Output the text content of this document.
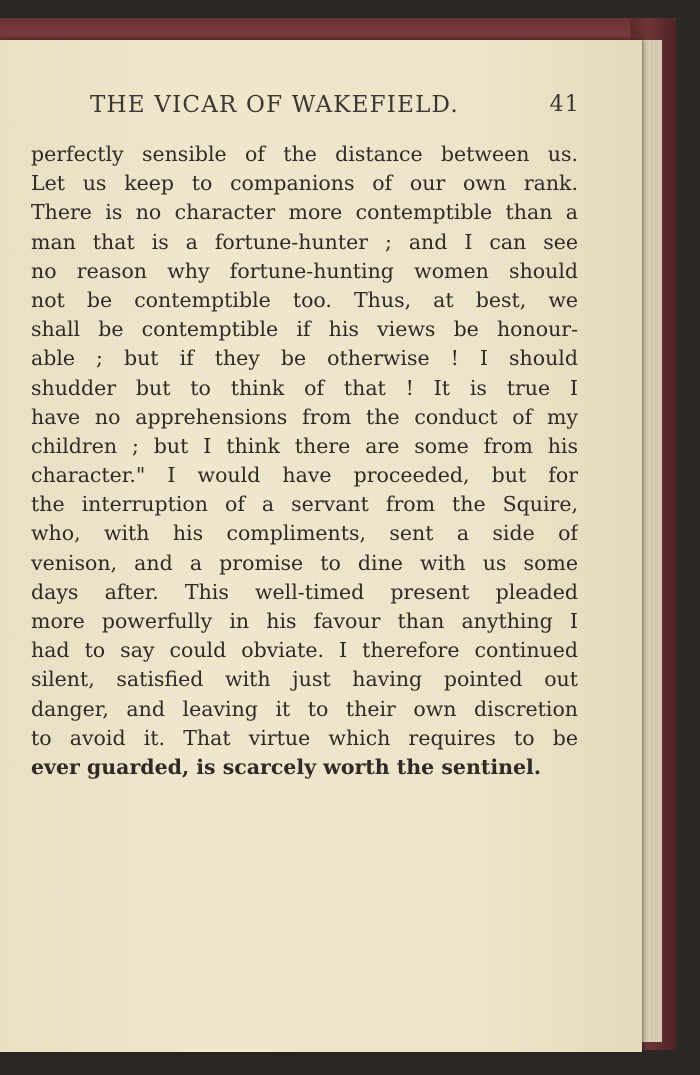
THE VICAR OF WAKEFIELD.	41
perfectly sensible of the distance between us.
Let us keep to companions of our own rank.
There is no character more contemptible than a
man that is a fortune-hunter ; and I can see
no reason why fortune-hunting women should
not be contemptible too. Thus, at best, we
shall be contemptible if his views be honour-
able ; but if they be otherwise ! I should
shudder but to think of that ! It is true I
have no apprehensions from the conduct of my
children ; but I think there are some from his
character." I would have proceeded, but for
the interruption of a servant from the Squire,
who, with his compliments, sent a side of
venison, and a promise to dine with us some
days after. This well-timed present pleaded
more powerfully in his favour than anything I
had to say could obviate. I therefore continued
silent, satisfied with just having pointed out
danger, and leaving it to their own discretion
to avoid it. That virtue which requires to be
ever guarded, is scarcely worth the sentinel.
